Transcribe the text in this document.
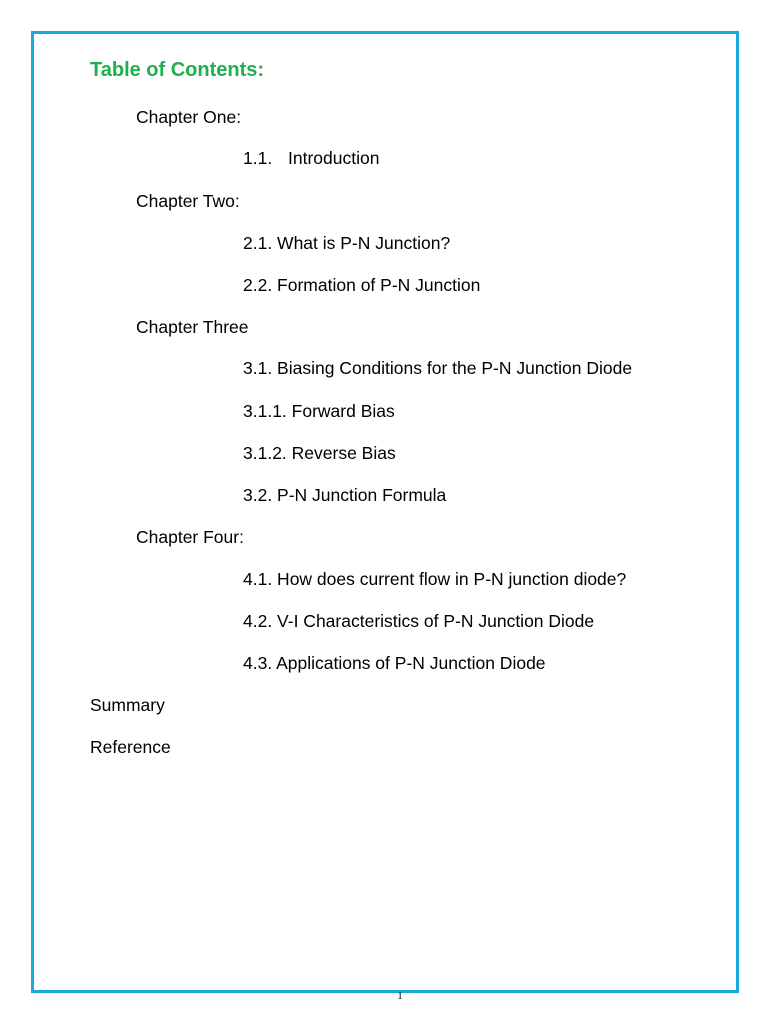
Table of Contents:
Chapter One:
1.1. Introduction
Chapter Two:
2.1. What is P-N Junction?
2.2. Formation of P-N Junction
Chapter Three
3.1. Biasing Conditions for the P-N Junction Diode
3.1.1. Forward Bias
3.1.2. Reverse Bias
3.2. P-N Junction Formula
Chapter Four:
4.1. How does current flow in P-N junction diode?
4.2. V-I Characteristics of P-N Junction Diode
4.3. Applications of P-N Junction Diode
Summary
Reference
1
